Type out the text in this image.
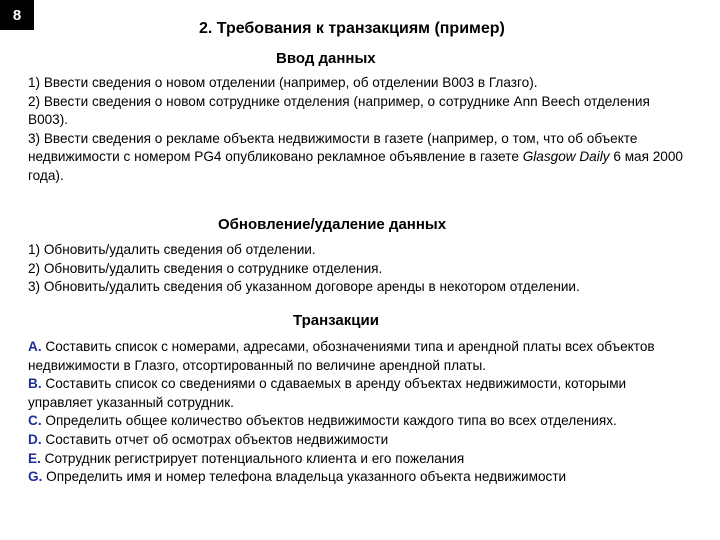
8
2. Требования к транзакциям (пример)
Ввод данных

1) Ввести сведения о новом отделении (например, об отделении В003 в Глазго).

2) Ввести сведения о новом сотруднике отделения (например, о сотруднике Ann Beech отделения В003).

3) Ввести сведения о рекламе объекта недвижимости в газете (например, о том, что об объекте недвижимости с номером PG4 опубликовано рекламное объявление в газете Glasgow Daily 6 мая 2000 года).

Обновление/удаление данных

1) Обновить/удалить сведения об отделении.

2) Обновить/удалить сведения о сотруднике отделения.

3) Обновить/удалить сведения об указанном договоре аренды в некотором отделении.

Транзакции

A. Составить список с номерами, адресами, обозначениями типа и арендной платы всех объектов недвижимости в Глазго, отсортированный по величине арендной платы.

B. Составить список со сведениями о сдаваемых в аренду объектах недвижимости, которыми управляет указанный сотрудник.

C. Определить общее количество объектов недвижимости каждого типа во всех отделениях.

D. Составить отчет об осмотрах объектов недвижимости

E. Сотрудник регистрирует потенциального клиента и его пожелания

G. Определить имя и номер телефона владельца указанного объекта недвижимости
